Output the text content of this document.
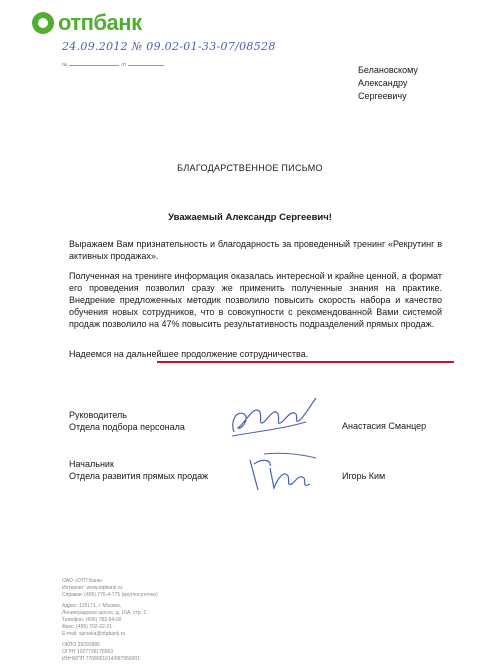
отпбанк
24.09.2012 № 09.02-01-33-07/08528
№	от	Белановскому
Александру
Сергеевичу
БЛАГОДАРСТВЕННОЕ ПИСЬМО
Уважаемый Александр Сергеевич!
Выражаем Вам признательность и благодарность за проведенный тренинг «Рекрутинг в активных продажах».
Полученная на тренинге информация оказалась интересной и крайне ценной, а формат его проведения позволил сразу же применить полученные знания на практике. Внедрение предложенных методик позволило повысить скорость набора и качество обучения новых сотрудников, что в совокупности с рекомендованной Вами системой продаж позволило на 47% повысить результативность подразделений прямых продаж.
Надеемся на дальнейшее продолжение сотрудничества.
Руководитель
Отдела подбора персонала	Анастасия Сманцер
Начальник
Отдела развития прямых продаж	Игорь Ким
ОАО «ОТП Банк»
Интернет: www.otpbank.ru
Справки: (495) 775-4-775 (круглосуточно)
Адрес: 125171, г. Москва,
Ленинградское шоссе, д. 16А, стр. 1
Телефон: (495) 783-54-00
Факс: (495) 792-32-21
E-mail: spravka@otpbank.ru
ОКПО 29293885
ОГРН 1027739176563
ИНН/КПП 7708001614/997950001
